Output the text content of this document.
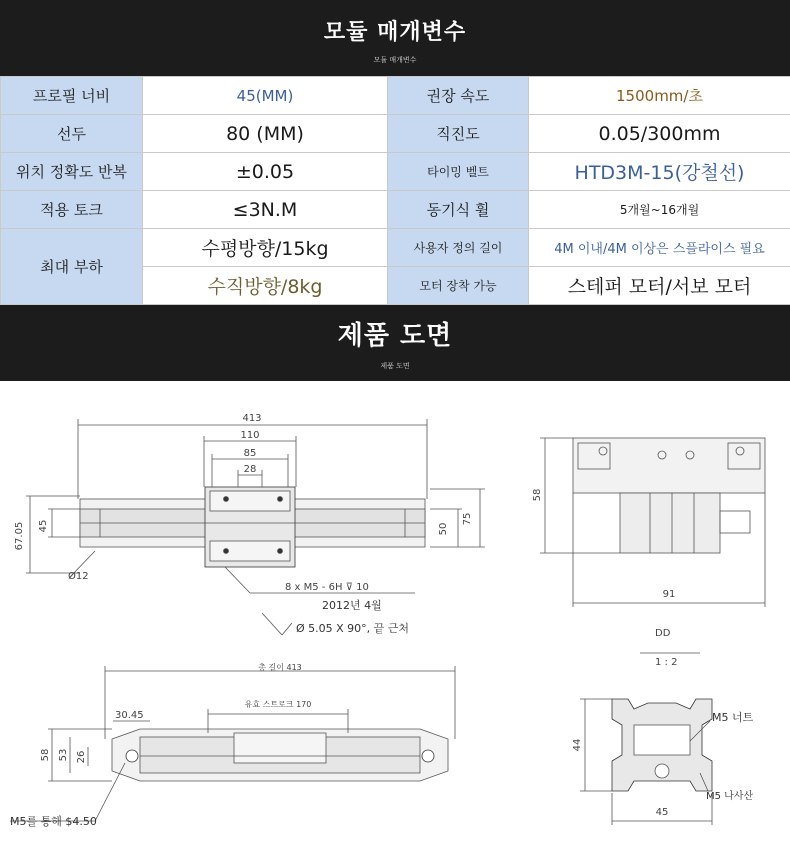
모듈 매개변수
모듈 매개변수
프로필 너비	45(MM)	권장 속도	1500mm/초
선두	80 (MM)	직진도	0.05/300mm
위치 정확도 반복	±0.05	타이밍 벨트	HTD3M-15(강철선)
적용 토크	≤3N.M	동기식 휠	5개월~16개월
최대 부하	수평방향/15kg	사용자 정의 길이	4M 이내/4M 이상은 스플라이스 필요
	수직방향/8kg	모터 장착 가능	스테퍼 모터/서보 모터
제품 도면
제품 도면
413
110
85
28
67.05 45	50
75
Ø12
8 x M5 - 6H ⊽ 10
2012년 4월
Ø 5.05 X 90°, 끝 근처
58
91
DD
1 : 2
총 길이 413
유효 스트로크 170
30.45
58 53 26
M5를 통해 $4.50
44
45
M5 너트
M5 나사산
